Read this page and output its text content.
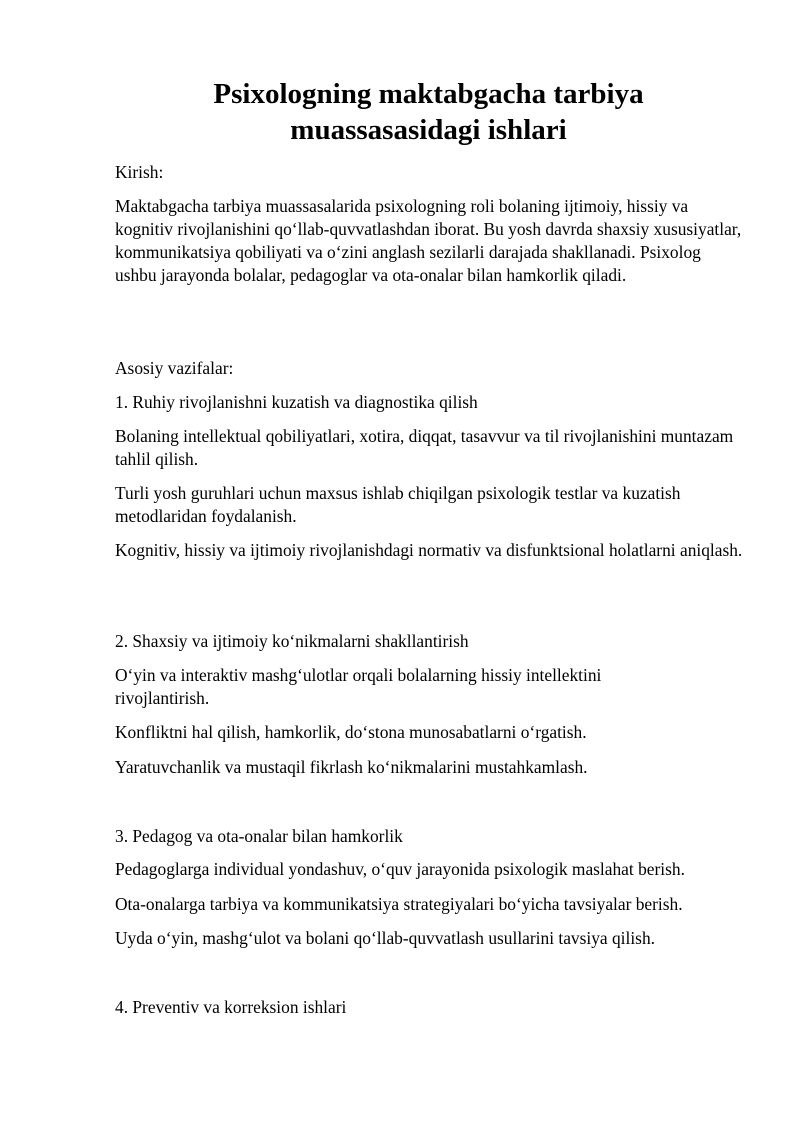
Psixologning maktabgacha tarbiya
muassasasidagi ishlari

Kirish:

Maktabgacha tarbiya muassasalarida psixologning roli bolaning ijtimoiy, hissiy va kognitiv rivojlanishini qo‘llab-quvvatlashdan iborat. Bu yosh davrda shaxsiy xususiyatlar, kommunikatsiya qobiliyati va o‘zini anglash sezilarli darajada shakllanadi. Psixolog ushbu jarayonda bolalar, pedagoglar va ota-onalar bilan hamkorlik qiladi.

Asosiy vazifalar:

1. Ruhiy rivojlanishni kuzatish va diagnostika qilish

Bolaning intellektual qobiliyatlari, xotira, diqqat, tasavvur va til rivojlanishini muntazam tahlil qilish.

Turli yosh guruhlari uchun maxsus ishlab chiqilgan psixologik testlar va kuzatish metodlaridan foydalanish.

Kognitiv, hissiy va ijtimoiy rivojlanishdagi normativ va disfunktsional holatlarni aniqlash.

2. Shaxsiy va ijtimoiy ko‘nikmalarni shakllantirish

O‘yin va interaktiv mashg‘ulotlar orqali bolalarning hissiy intellektini rivojlantirish.

Konfliktni hal qilish, hamkorlik, do‘stona munosabatlarni o‘rgatish.

Yaratuvchanlik va mustaqil fikrlash ko‘nikmalarini mustahkamlash.

3. Pedagog va ota-onalar bilan hamkorlik

Pedagoglarga individual yondashuv, o‘quv jarayonida psixologik maslahat berish.

Ota-onalarga tarbiya va kommunikatsiya strategiyalari bo‘yicha tavsiyalar berish.

Uyda o‘yin, mashg‘ulot va bolani qo‘llab-quvvatlash usullarini tavsiya qilish.

4. Preventiv va korreksion ishlari
